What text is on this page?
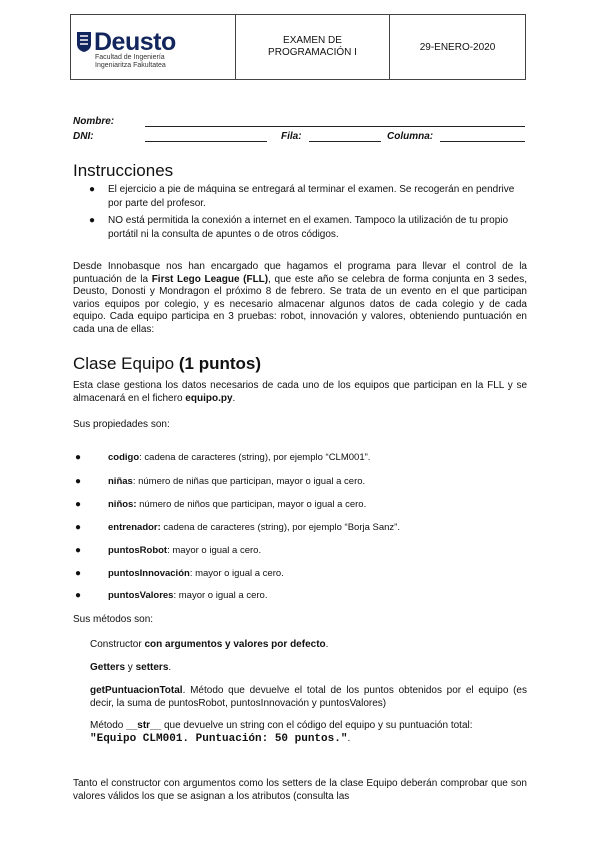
Deusto
Facultad de Ingeniería
Ingeniaritza Fakultatea

EXAMEN DE
PROGRAMACIÓN I	29-ENERO-2020
Nombre:
DNI:	Fila:	Columna:
Instrucciones
● El ejercicio a pie de máquina se entregará al terminar el examen. Se recogerán en pendrive por parte del profesor.
● NO está permitida la conexión a internet en el examen. Tampoco la utilización de tu propio portátil ni la consulta de apuntes o de otros códigos.
Desde Innobasque nos han encargado que hagamos el programa para llevar el control de la puntuación de la First Lego League (FLL), que este año se celebra de forma conjunta en 3 sedes, Deusto, Donosti y Mondragon el próximo 8 de febrero. Se trata de un evento en el que participan varios equipos por colegio, y es necesario almacenar algunos datos de cada colegio y de cada equipo. Cada equipo participa en 3 pruebas: robot, innovación y valores, obteniendo puntuación en cada una de ellas:
Clase Equipo (1 puntos)
Esta clase gestiona los datos necesarios de cada uno de los equipos que participan en la FLL y se almacenará en el fichero equipo.py.
Sus propiedades son:
●	codigo: cadena de caracteres (string), por ejemplo “CLM001”.
●	niñas: número de niñas que participan, mayor o igual a cero.
●	niños: número de niños que participan, mayor o igual a cero.
●	entrenador: cadena de caracteres (string), por ejemplo “Borja Sanz”.
●	puntosRobot: mayor o igual a cero.
●	puntosInnovación: mayor o igual a cero.
●	puntosValores: mayor o igual a cero.
Sus métodos son:
Constructor con argumentos y valores por defecto.
Getters y setters.
getPuntuacionTotal. Método que devuelve el total de los puntos obtenidos por el equipo (es decir, la suma de puntosRobot, puntosInnovación y puntosValores)
Método __str__ que devuelve un string con el código del equipo y su puntuación total:
"Equipo CLM001. Puntuación: 50 puntos.".
Tanto el constructor con argumentos como los setters de la clase Equipo deberán comprobar que son valores válidos los que se asignan a los atributos (consulta las
